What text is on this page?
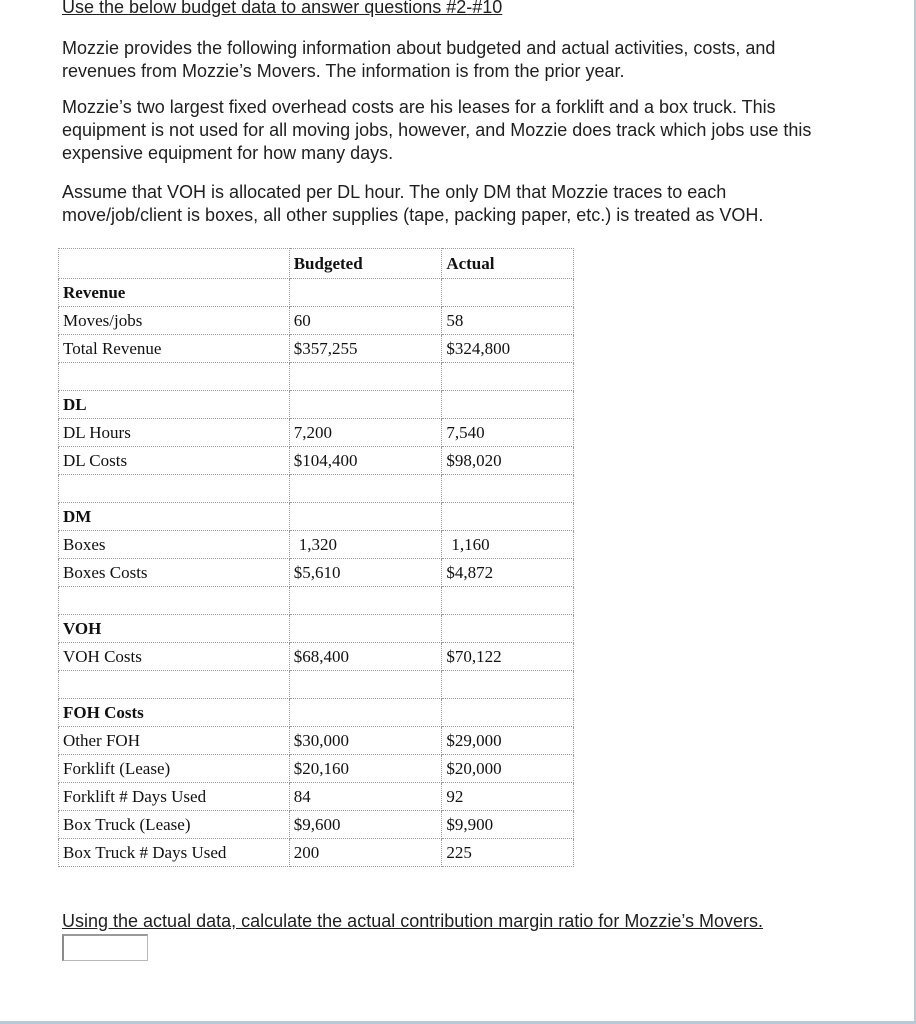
Use the below budget data to answer questions #2-#10

Mozzie provides the following information about budgeted and actual activities, costs, and revenues from Mozzie’s Movers. The information is from the prior year.

Mozzie’s two largest fixed overhead costs are his leases for a forklift and a box truck. This equipment is not used for all moving jobs, however, and Mozzie does track which jobs use this expensive equipment for how many days.

Assume that VOH is allocated per DL hour. The only DM that Mozzie traces to each move/job/client is boxes, all other supplies (tape, packing paper, etc.) is treated as VOH.

	Budgeted	Actual
Revenue		
Moves/jobs	60	58
Total Revenue	$357,255	$324,800

DL		
DL Hours	7,200	7,540
DL Costs	$104,400	$98,020

DM		
Boxes	1,320	1,160
Boxes Costs	$5,610	$4,872

VOH		
VOH Costs	$68,400	$70,122

FOH Costs		
Other FOH	$30,000	$29,000
Forklift (Lease)	$20,160	$20,000
Forklift # Days Used	84	92
Box Truck (Lease)	$9,600	$9,900
Box Truck # Days Used	200	225
Using the actual data, calculate the actual contribution margin ratio for Mozzie’s Movers.
